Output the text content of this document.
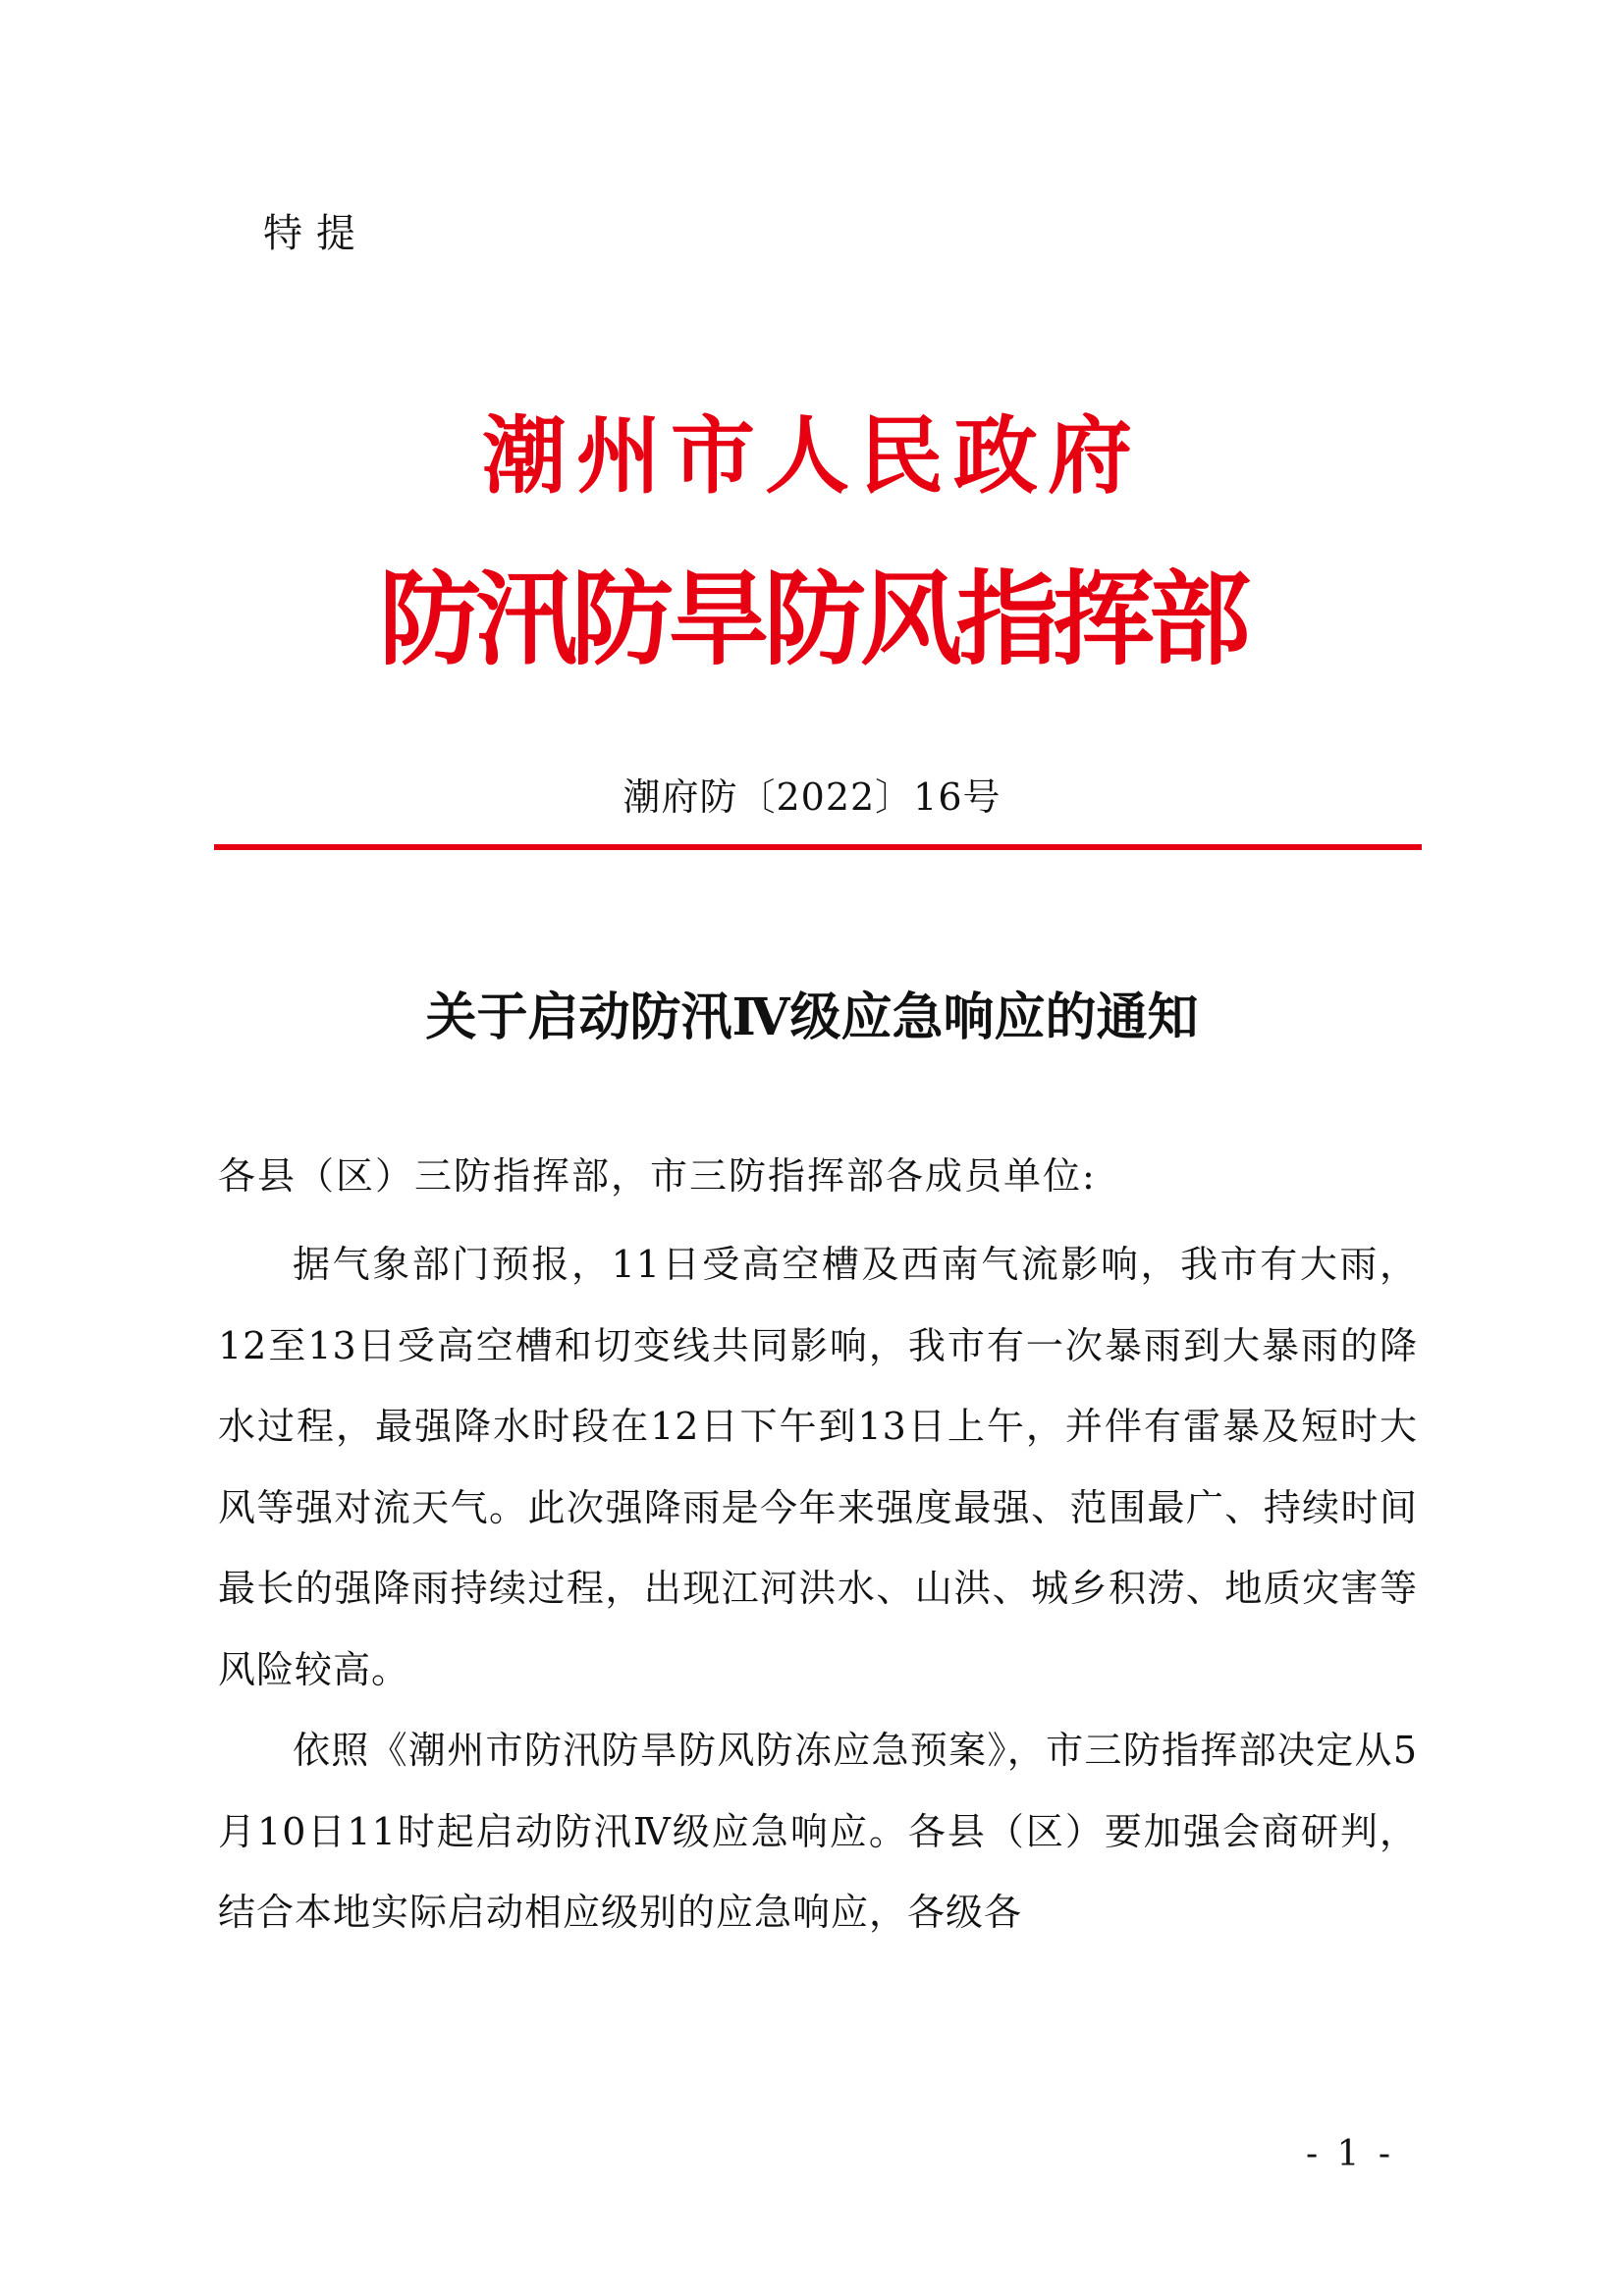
特提
潮州市人民政府
防汛防旱防风指挥部
潮府防〔2022〕16号
关于启动防汛Ⅳ级应急响应的通知
各县（区）三防指挥部，市三防指挥部各成员单位:

据气象部门预报，11日受高空槽及西南气流影响，我市有大雨，12至13日受高空槽和切变线共同影响，我市有一次暴雨到大暴雨的降水过程，最强降水时段在12日下午到13日上午，并伴有雷暴及短时大风等强对流天气。此次强降雨是今年来强度最强、范围最广、持续时间最长的强降雨持续过程，出现江河洪水、山洪、城乡积涝、地质灾害等风险较高。

依照《潮州市防汛防旱防风防冻应急预案》，市三防指挥部决定从5月10日11时起启动防汛Ⅳ级应急响应。各县（区）要加强会商研判，结合本地实际启动相应级别的应急响应，各级各

- 1 -
